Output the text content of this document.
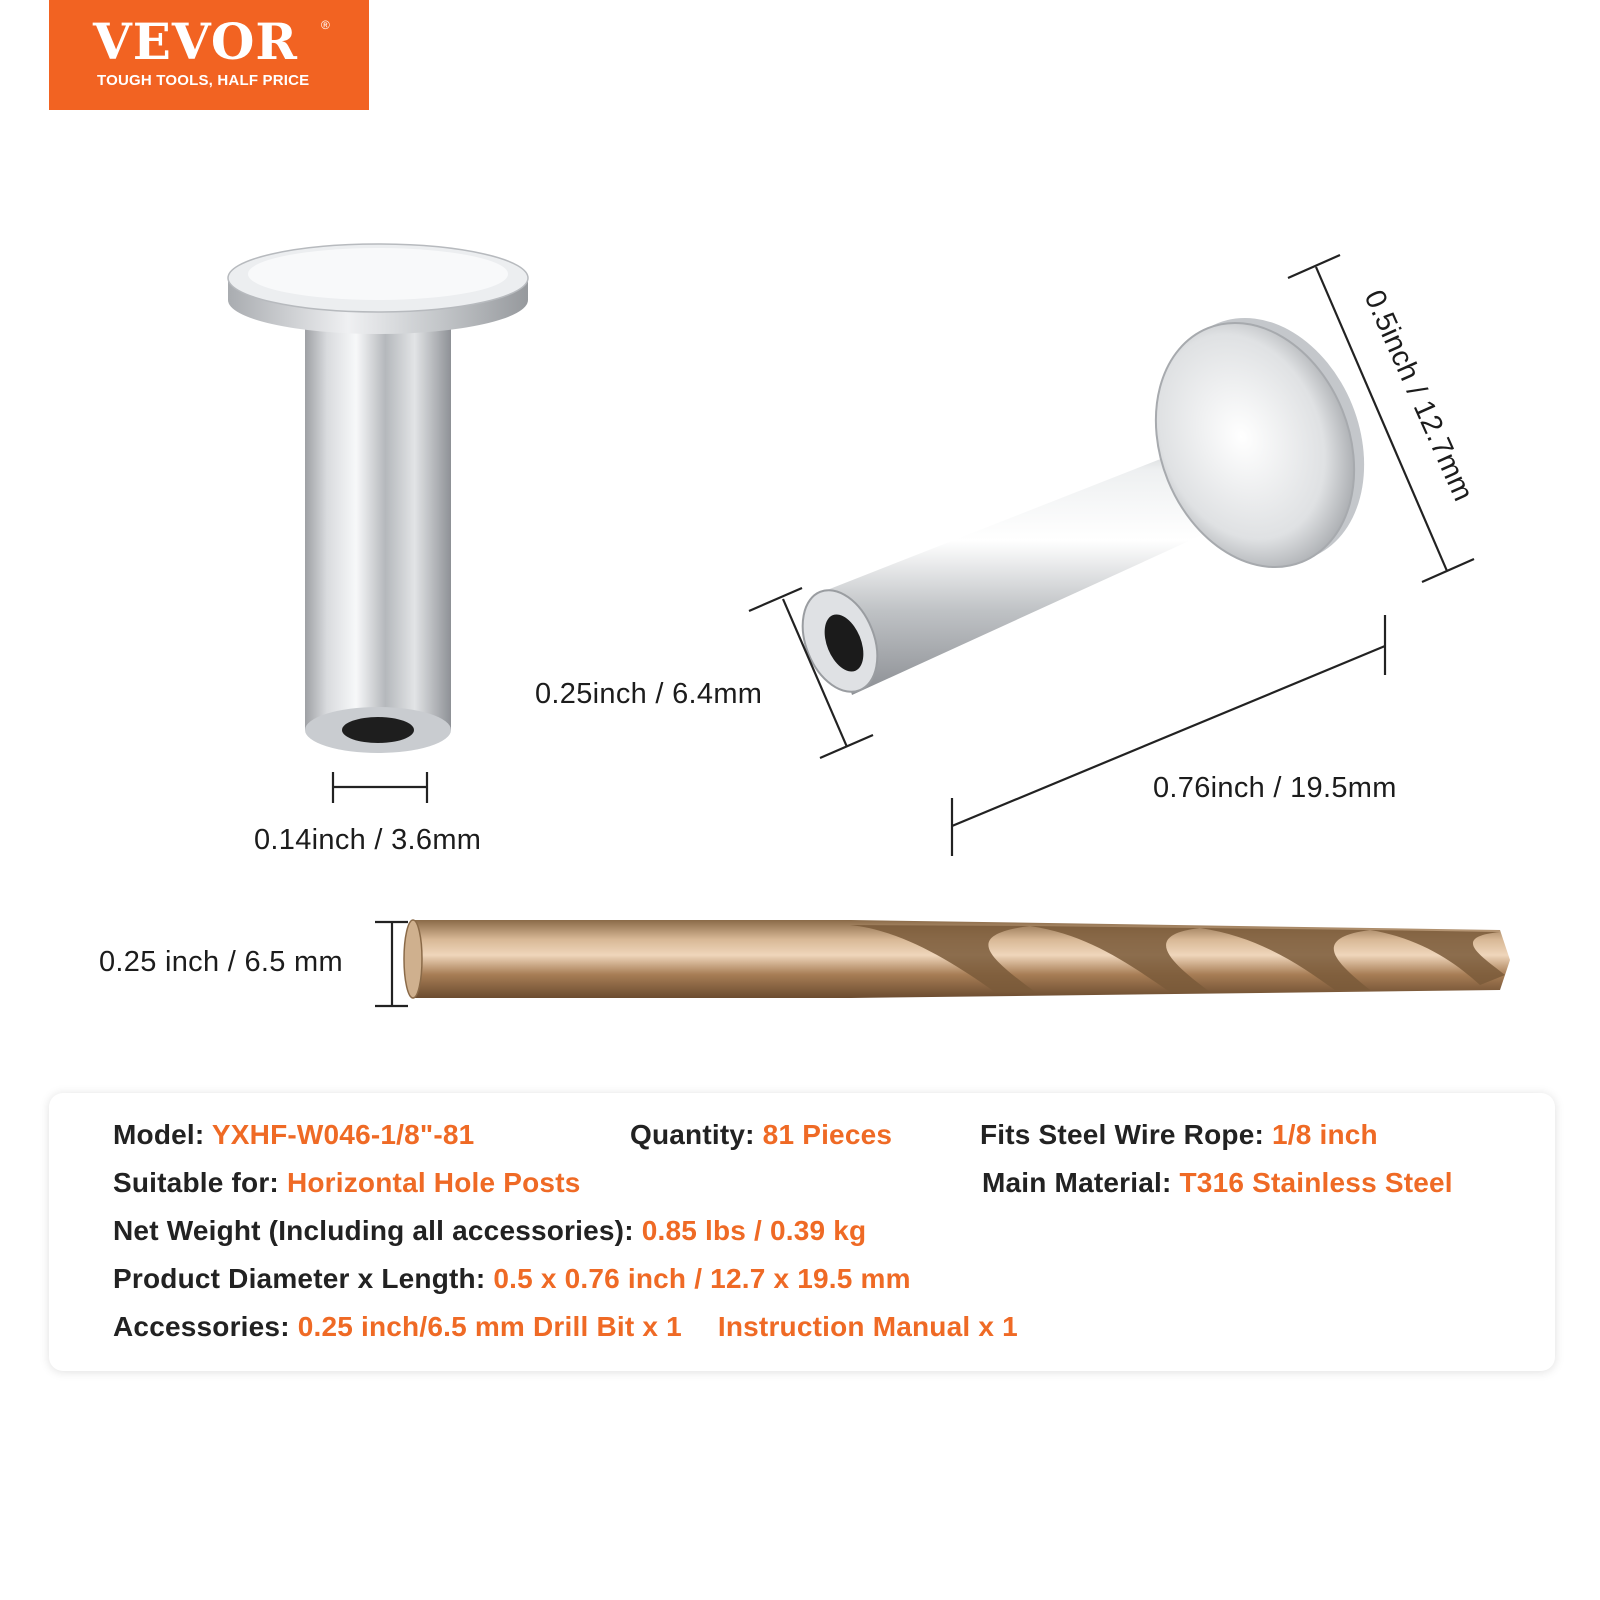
VEVOR ®
TOUGH TOOLS, HALF PRICE
0.14inch / 3.6mm
0.25inch / 6.4mm
0.5inch / 12.7mm
0.76inch / 19.5mm
0.25 inch / 6.5 mm
Model: YXHF-W046-1/8"-81	Quantity: 81 Pieces	Fits Steel Wire Rope: 1/8 inch
Suitable for: Horizontal Hole Posts	Main Material: T316 Stainless Steel
Net Weight (Including all accessories): 0.85 lbs / 0.39 kg
Product Diameter x Length: 0.5 x 0.76 inch / 12.7 x 19.5 mm
Accessories: 0.25 inch/6.5 mm Drill Bit x 1 Instruction Manual x 1
